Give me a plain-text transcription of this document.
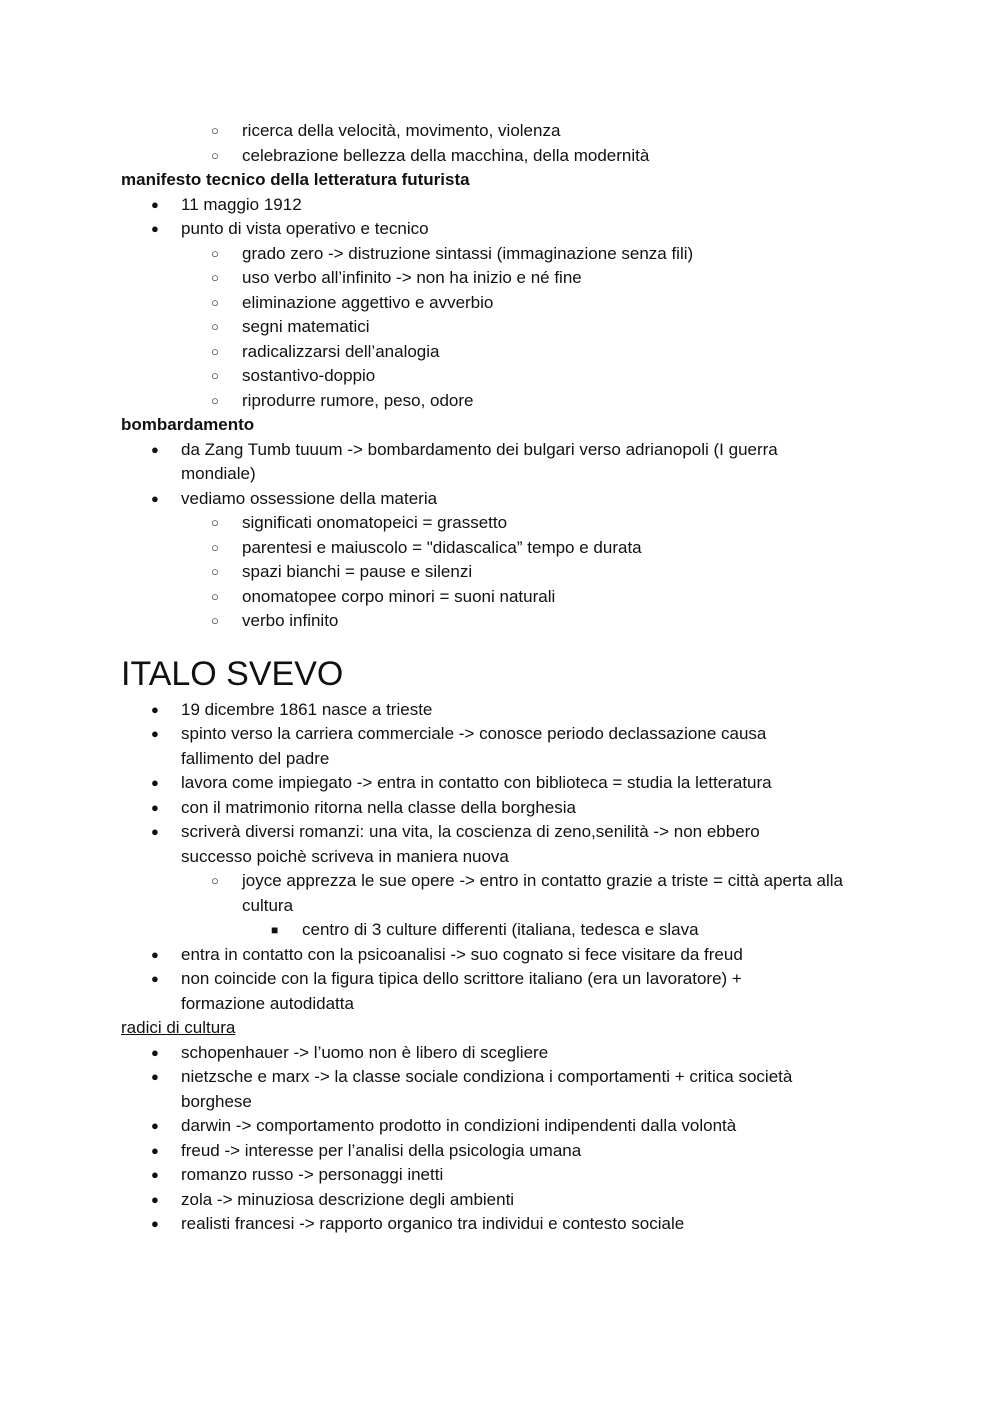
○ ricerca della velocità, movimento, violenza
○ celebrazione bellezza della macchina, della modernità
manifesto tecnico della letteratura futurista
● 11 maggio 1912
● punto di vista operativo e tecnico
○ grado zero -> distruzione sintassi (immaginazione senza fili)
○ uso verbo all’infinito -> non ha inizio e né fine
○ eliminazione aggettivo e avverbio
○ segni matematici
○ radicalizzarsi dell’analogia
○ sostantivo-doppio
○ riprodurre rumore, peso, odore
bombardamento
● da Zang Tumb tuuum -> bombardamento dei bulgari verso adrianopoli (I guerra mondiale)
● vediamo ossessione della materia
○ significati onomatopeici = grassetto
○ parentesi e maiuscolo = "didascalica” tempo e durata
○ spazi bianchi = pause e silenzi
○ onomatopee corpo minori = suoni naturali
○ verbo infinito
ITALO SVEVO
● 19 dicembre 1861 nasce a trieste
● spinto verso la carriera commerciale -> conosce periodo declassazione causa fallimento del padre
● lavora come impiegato -> entra in contatto con biblioteca = studia la letteratura
● con il matrimonio ritorna nella classe della borghesia
● scriverà diversi romanzi: una vita, la coscienza di zeno,senilità -> non ebbero successo poichè scriveva in maniera nuova
○ joyce apprezza le sue opere -> entro in contatto grazie a triste = città aperta alla cultura
■ centro di 3 culture differenti (italiana, tedesca e slava
● entra in contatto con la psicoanalisi -> suo cognato si fece visitare da freud
● non coincide con la figura tipica dello scrittore italiano (era un lavoratore) + formazione autodidatta
radici di cultura
● schopenhauer -> l’uomo non è libero di scegliere
● nietzsche e marx -> la classe sociale condiziona i comportamenti + critica società borghese
● darwin -> comportamento prodotto in condizioni indipendenti dalla volontà
● freud -> interesse per l’analisi della psicologia umana
● romanzo russo -> personaggi inetti
● zola -> minuziosa descrizione degli ambienti
● realisti francesi -> rapporto organico tra individui e contesto sociale
